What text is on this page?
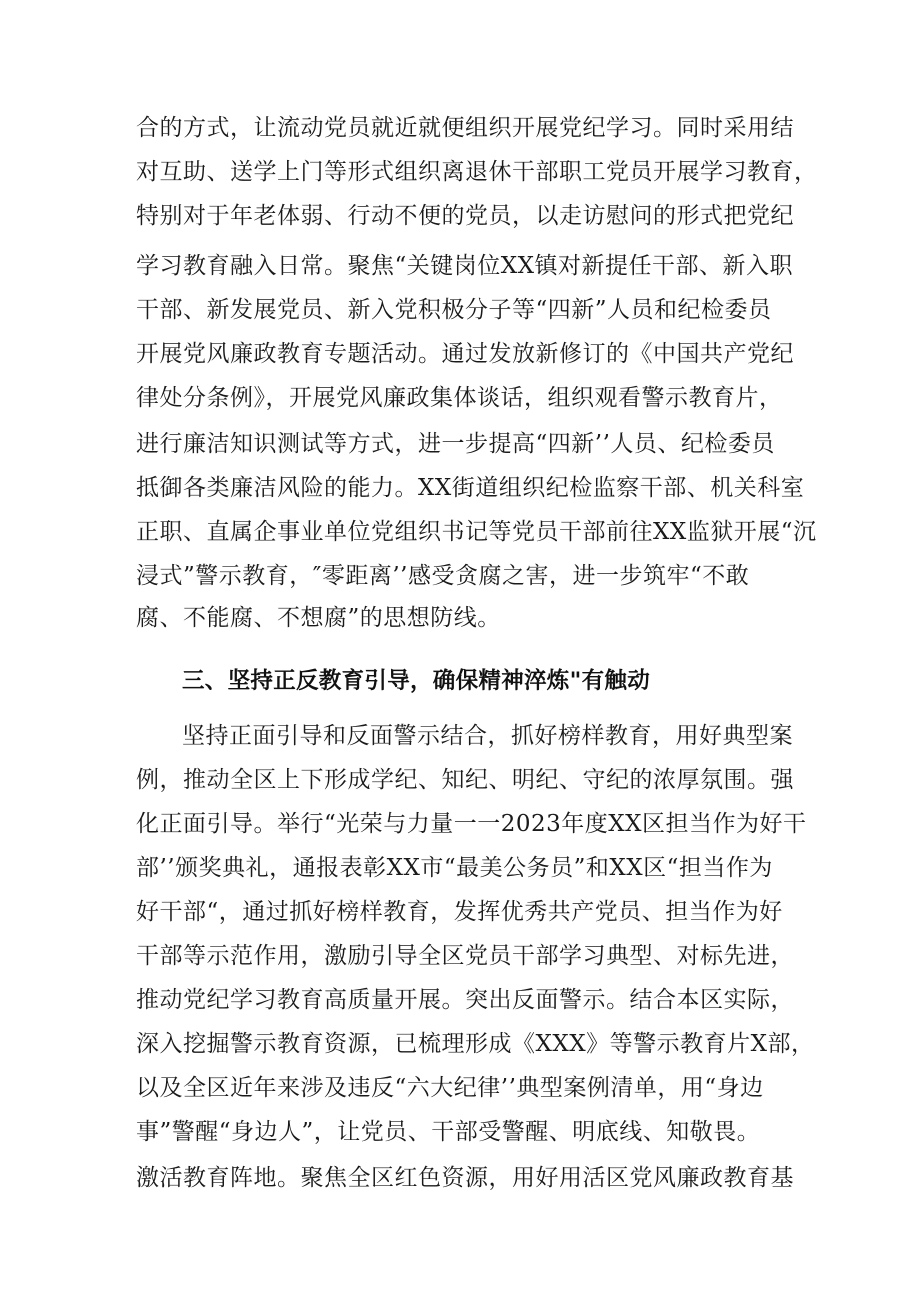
合的方式，让流动党员就近就便组织开展党纪学习。同时采用结
对互助、送学上门等形式组织离退休干部职工党员开展学习教育，
特别对于年老体弱、行动不便的党员，以走访慰问的形式把党纪
学习教育融入日常。聚焦“关键岗位XX镇对新提任干部、新入职
干部、新发展党员、新入党积极分子等“四新”人员和纪检委员
开展党风廉政教育专题活动。通过发放新修订的《中国共产党纪
律处分条例》，开展党风廉政集体谈话，组织观看警示教育片，
进行廉洁知识测试等方式，进一步提高“四新’’人员、纪检委员
抵御各类廉洁风险的能力。XX街道组织纪检监察干部、机关科室
正职、直属企事业单位党组织书记等党员干部前往XX监狱开展“沉
浸式”警示教育，″零距离’’感受贪腐之害，进一步筑牢“不敢
腐、不能腐、不想腐”的思想防线。
三、坚持正反教育引导，确保精神淬炼"有触动
坚持正面引导和反面警示结合，抓好榜样教育，用好典型案
例，推动全区上下形成学纪、知纪、明纪、守纪的浓厚氛围。强
化正面引导。举行“光荣与力量一一2023年度XX区担当作为好干
部’’颁奖典礼，通报表彰XX市“最美公务员”和XX区“担当作为
好干部“，通过抓好榜样教育，发挥优秀共产党员、担当作为好
干部等示范作用，激励引导全区党员干部学习典型、对标先进，
推动党纪学习教育高质量开展。突出反面警示。结合本区实际，
深入挖掘警示教育资源，已梳理形成《XXX》等警示教育片X部，
以及全区近年来涉及违反“六大纪律’’典型案例清单，用“身边
事”警醒“身边人”，让党员、干部受警醒、明底线、知敬畏。
激活教育阵地。聚焦全区红色资源，用好用活区党风廉政教育基
